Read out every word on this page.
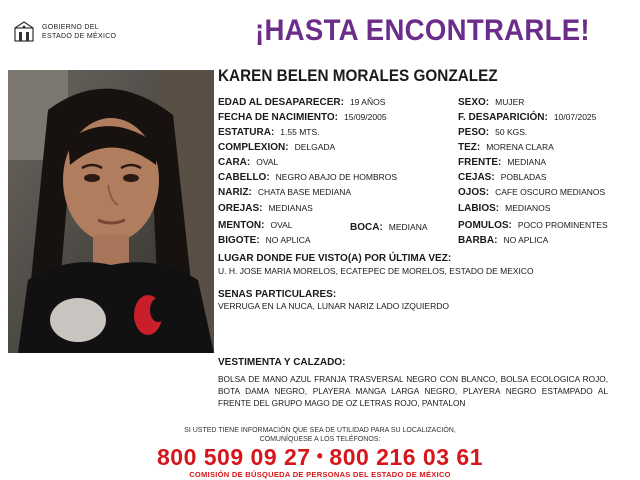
GOBIERNO DEL
ESTADO DE MÉXICO	¡HASTA ENCONTRARLE!
KAREN BELEN MORALES GONZALEZ
EDAD AL DESAPARECER: 19 AÑOS
FECHA DE NACIMIENTO: 15/09/2005
ESTATURA: 1.55 MTS.
COMPLEXION: DELGADA
CARA: OVAL
CABELLO: NEGRO ABAJO DE HOMBROS
NARIZ: CHATA BASE MEDIANA
OREJAS: MEDIANAS
MENTON: OVAL
BIGOTE: NO APLICA
BOCA: MEDIANA
SEXO: MUJER
F. DESAPARICIÓN: 10/07/2025
PESO: 50 KGS.
TEZ: MORENA CLARA
FRENTE: MEDIANA
CEJAS: POBLADAS
OJOS: CAFE OSCURO MEDIANOS
LABIOS: MEDIANOS
POMULOS: POCO PROMINENTES
BARBA: NO APLICA
LUGAR DONDE FUE VISTO(A) POR ÚLTIMA VEZ:
U. H. JOSE MARIA MORELOS, ECATEPEC DE MORELOS, ESTADO DE MEXICO
SENAS PARTICULARES:
VERRUGA EN LA NUCA, LUNAR NARIZ LADO IZQUIERDO
VESTIMENTA Y CALZADO:
BOLSA DE MANO AZUL FRANJA TRASVERSAL NEGRO CON BLANCO, BOLSA ECOLOGICA ROJO, BOTA DAMA NEGRO, PLAYERA MANGA LARGA NEGRO, PLAYERA NEGRO ESTAMPADO AL FRENTE DEL GRUPO MAGO DE OZ LETRAS ROJO, PANTALON
SI USTED TIENE INFORMACIÓN QUE SEA DE UTILIDAD PARA SU LOCALIZACIÓN,
COMUNÍQUESE A LOS TELÉFONOS:
800 509 09 27 • 800 216 03 61
COMISIÓN DE BÚSQUEDA DE PERSONAS DEL ESTADO DE MÉXICO
